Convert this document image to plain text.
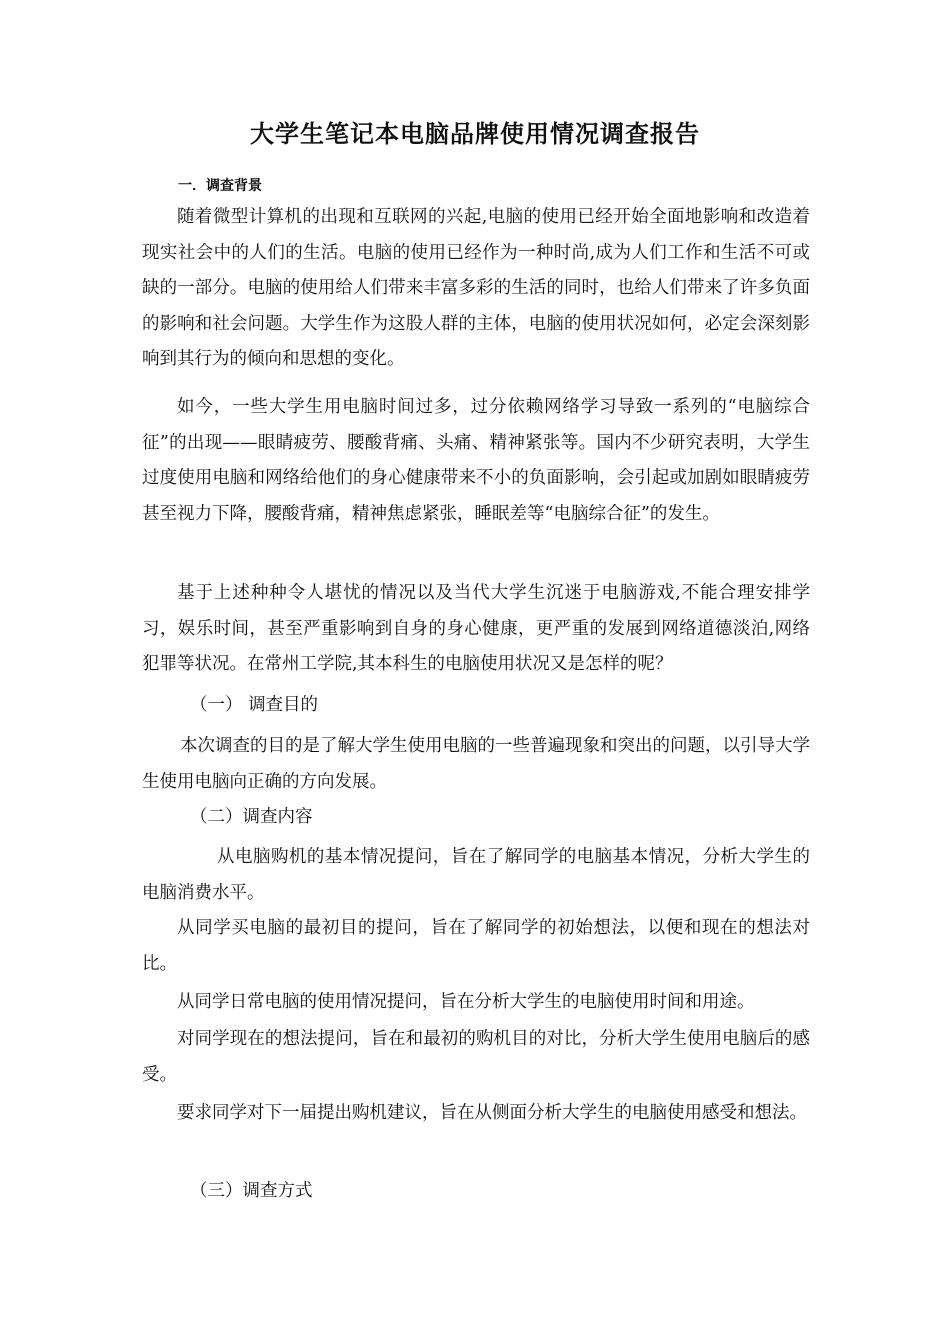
大学生笔记本电脑品牌使用情况调查报告
一．调查背景

随着微型计算机的出现和互联网的兴起,电脑的使用已经开始全面地影响和改造着现实社会中的人们的生活。电脑的使用已经作为一种时尚,成为人们工作和生活不可或缺的一部分。电脑的使用给人们带来丰富多彩的生活的同时，也给人们带来了许多负面的影响和社会问题。大学生作为这股人群的主体，电脑的使用状况如何，必定会深刻影响到其行为的倾向和思想的变化。

如今，一些大学生用电脑时间过多，过分依赖网络学习导致一系列的“电脑综合征”的出现——眼睛疲劳、腰酸背痛、头痛、精神紧张等。国内不少研究表明，大学生过度使用电脑和网络给他们的身心健康带来不小的负面影响，会引起或加剧如眼睛疲劳甚至视力下降，腰酸背痛，精神焦虑紧张，睡眠差等“电脑综合征”的发生。

基于上述种种令人堪忧的情况以及当代大学生沉迷于电脑游戏,不能合理安排学习，娱乐时间，甚至严重影响到自身的身心健康，更严重的发展到网络道德淡泊,网络犯罪等状况。在常州工学院,其本科生的电脑使用状况又是怎样的呢？

（一） 调查目的

本次调查的目的是了解大学生使用电脑的一些普遍现象和突出的问题，以引导大学生使用电脑向正确的方向发展。

（二）调查内容

从电脑购机的基本情况提问，旨在了解同学的电脑基本情况，分析大学生的电脑消费水平。

从同学买电脑的最初目的提问，旨在了解同学的初始想法，以便和现在的想法对比。

从同学日常电脑的使用情况提问，旨在分析大学生的电脑使用时间和用途。

对同学现在的想法提问，旨在和最初的购机目的对比，分析大学生使用电脑后的感受。

要求同学对下一届提出购机建议，旨在从侧面分析大学生的电脑使用感受和想法。

（三）调查方式
